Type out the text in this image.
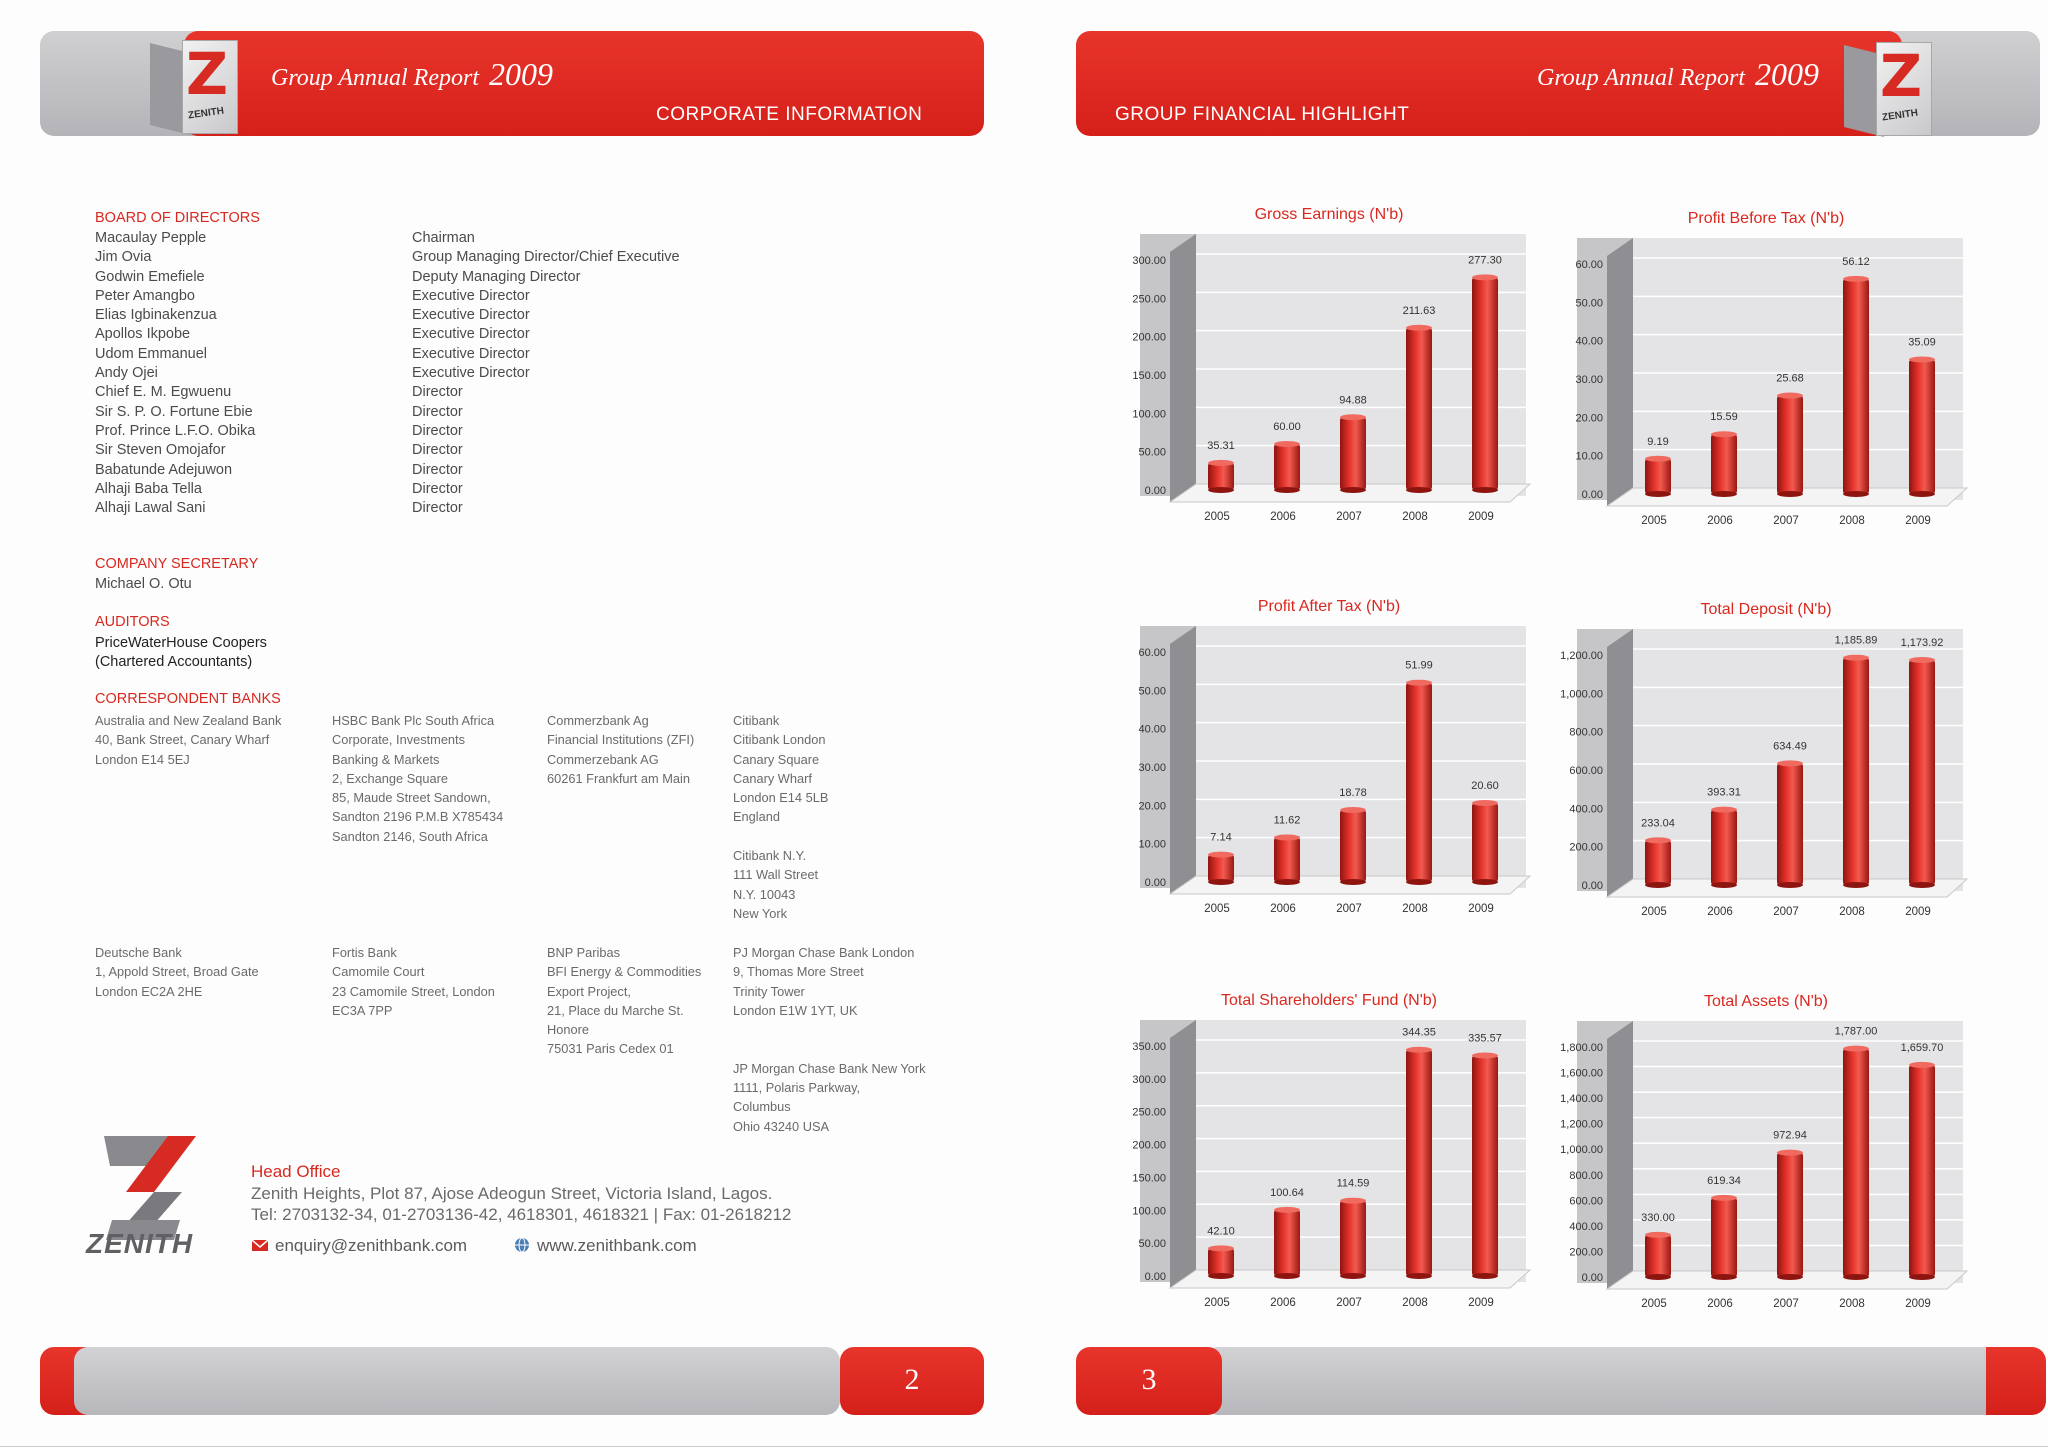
Z
ZENITH
Group Annual Report 2009
CORPORATE INFORMATION
BOARD OF DIRECTORS
Macaulay Pepple
Jim Ovia
Godwin Emefiele
Peter Amangbo
Elias Igbinakenzua
Apollos Ikpobe
Udom Emmanuel
Andy Ojei
Chief E. M. Egwuenu
Sir S. P. O. Fortune Ebie
Prof. Prince L.F.O. Obika
Sir Steven Omojafor
Babatunde Adejuwon
Alhaji Baba Tella
Alhaji Lawal Sani
Chairman
Group Managing Director/Chief Executive
Deputy Managing Director
Executive Director
Executive Director
Executive Director
Executive Director
Executive Director
Director
Director
Director
Director
Director
Director
Director
COMPANY SECRETARY
Michael O. Otu
AUDITORS
PriceWaterHouse Coopers
(Chartered Accountants)
CORRESPONDENT BANKS
Australia and New Zealand Bank
40, Bank Street, Canary Wharf
London E14 5EJ
HSBC Bank Plc South Africa
Corporate, Investments
Banking & Markets
2, Exchange Square
85, Maude Street Sandown,
Sandton 2196 P.M.B X785434
Sandton 2146, South Africa
Commerzbank Ag
Financial Institutions (ZFI)
Commerzebank AG
60261 Frankfurt am Main
Citibank
Citibank London
Canary Square
Canary Wharf
London E14 5LB
England

Citibank N.Y.
111 Wall Street
N.Y. 10043
New York
Deutsche Bank
1, Appold Street, Broad Gate
London EC2A 2HE
Fortis Bank
Camomile Court
23 Camomile Street, London
EC3A 7PP
BNP Paribas
BFI Energy & Commodities
Export Project,
21, Place du Marche St.
Honore
75031 Paris Cedex 01
PJ Morgan Chase Bank London
9, Thomas More Street
Trinity Tower
London E1W 1YT, UK

JP Morgan Chase Bank New York
1111, Polaris Parkway,
Columbus
Ohio 43240 USA
ZENITH
Head Office
Zenith Heights, Plot 87, Ajose Adeogun Street, Victoria Island, Lagos.
Tel: 2703132-34, 01-2703136-42, 4618301, 4618321 | Fax: 01-2618212
enquiry@zenithbank.com	www.zenithbank.com
2
Z
ZENITH
Group Annual Report 2009
GROUP FINANCIAL HIGHLIGHT
Gross Earnings (N'b)
0.00
50.00
100.00
150.00
200.00
250.00
300.00
35.31
2005
60.00
2006
94.88
2007
211.63
2008
277.30
2009
Profit Before Tax (N'b)
0.00
10.00
20.00
30.00
40.00
50.00
60.00
9.19
2005
15.59
2006
25.68
2007
56.12
2008
35.09
2009
Profit After Tax (N'b)
0.00
10.00
20.00
30.00
40.00
50.00
60.00
7.14
2005
11.62
2006
18.78
2007
51.99
2008
20.60
2009
Total Deposit (N'b)
0.00
200.00
400.00
600.00
800.00
1,000.00
1,200.00
233.04
2005
393.31
2006
634.49
2007
1,185.89
2008
1,173.92
2009
Total Shareholders' Fund (N'b)
0.00
50.00
100.00
150.00
200.00
250.00
300.00
350.00
42.10
2005
100.64
2006
114.59
2007
344.35
2008
335.57
2009
Total Assets (N'b)
0.00
200.00
400.00
600.00
800.00
1,000.00
1,200.00
1,400.00
1,600.00
1,800.00
330.00
2005
619.34
2006
972.94
2007
1,787.00
2008
1,659.70
2009
3
